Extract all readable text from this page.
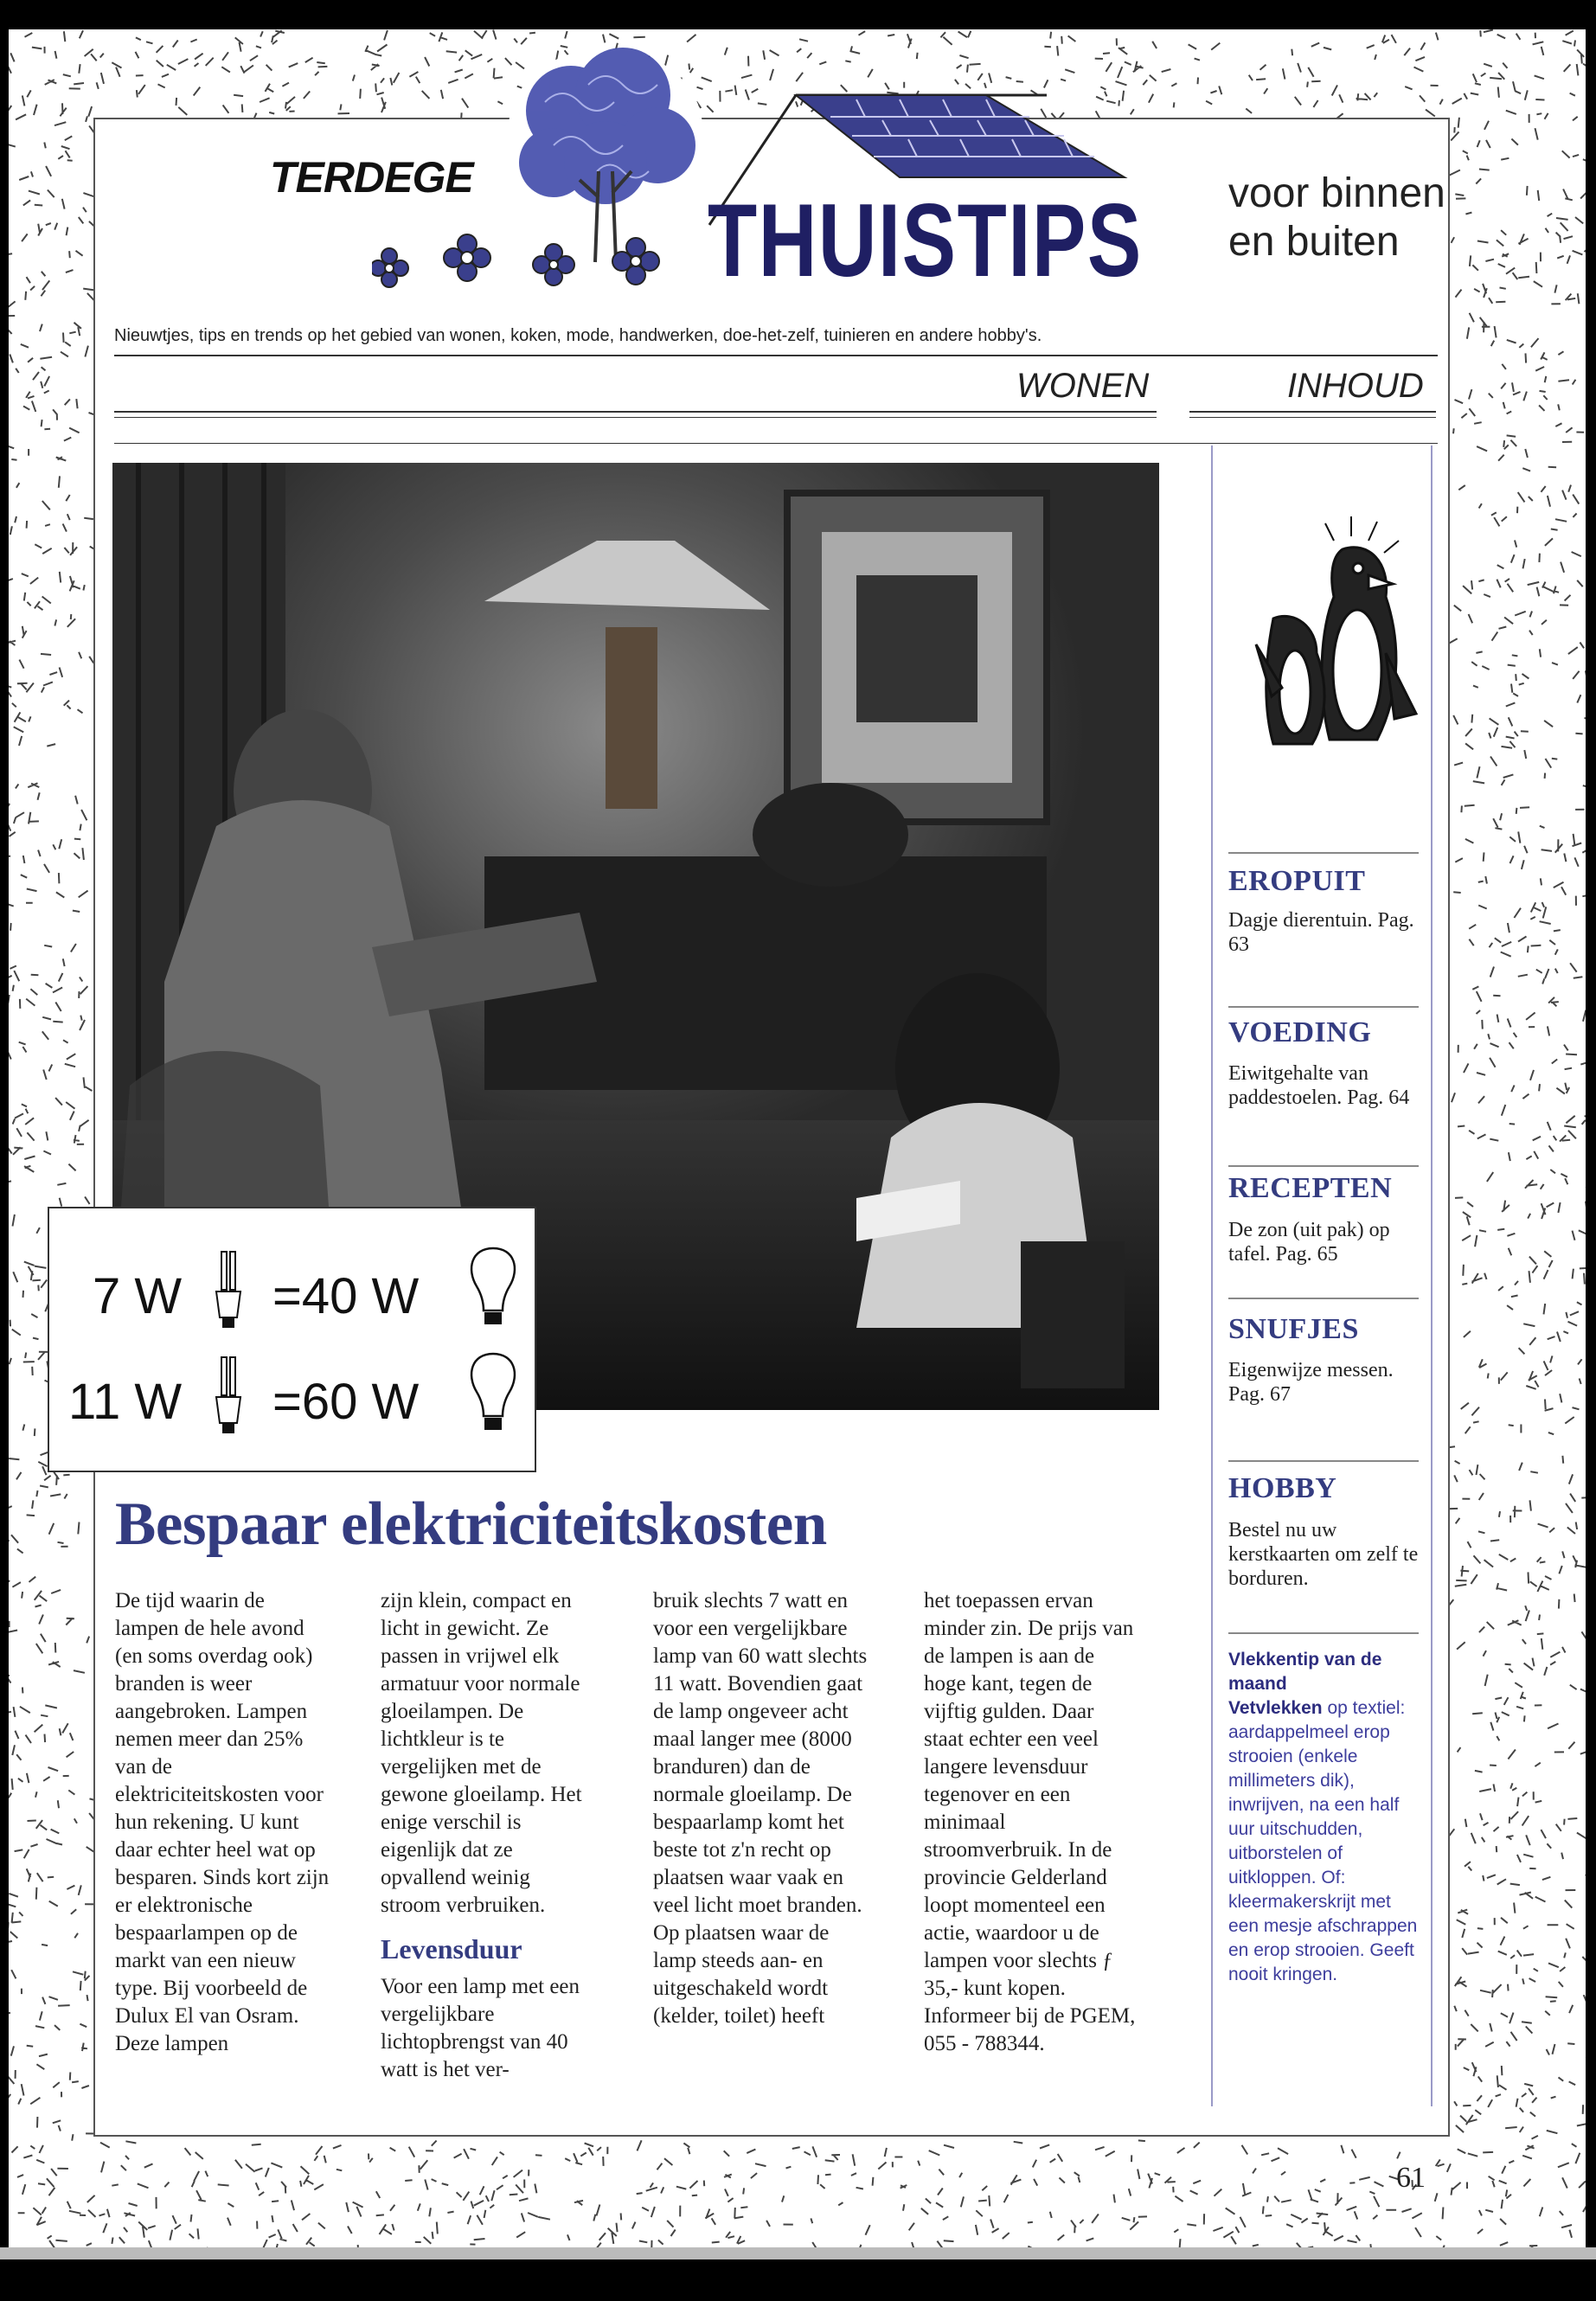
TERDEGE
THUISTIPS voor binnen
en buiten
Nieuwtjes, tips en trends op het gebied van wonen, koken, mode, handwerken, doe-het-zelf, tuinieren en andere hobby's.
WONEN	INHOUD
7 W =40 W
11 W =60 W
Bespaar elektriciteitskosten

De tijd waarin de lampen de hele avond (en soms overdag ook) branden is weer aangebroken. Lampen nemen meer dan 25% van de elektriciteitskosten voor hun rekening. U kunt daar echter heel wat op besparen. Sinds kort zijn er elektronische bespaarlampen op de markt van een nieuw type. Bij voorbeeld de Dulux El van Osram. Deze lampen

zijn klein, compact en licht in gewicht. Ze passen in vrijwel elk armatuur voor normale gloeilampen. De lichtkleur is te vergelijken met de gewone gloeilamp. Het enige verschil is eigenlijk dat ze opvallend weinig stroom verbruiken.

Levensduur

Voor een lamp met een vergelijkbare lichtopbrengst van 40 watt is het ver-

bruik slechts 7 watt en voor een vergelijkbare lamp van 60 watt slechts 11 watt. Bovendien gaat de lamp ongeveer acht maal langer mee (8000 branduren) dan de normale gloeilamp. De bespaarlamp komt het beste tot z'n recht op plaatsen waar vaak en veel licht moet branden. Op plaatsen waar de lamp steeds aan- en uitgeschakeld wordt (kelder, toilet) heeft

het toepassen ervan minder zin. De prijs van de lampen is aan de hoge kant, tegen de vijftig gulden. Daar staat echter een veel langere levensduur tegenover en een minimaal stroomverbruik. In de provincie Gelderland loopt momenteel een actie, waardoor u de lampen voor slechts ƒ 35,- kunt kopen. Informeer bij de PGEM, 055 - 788344.

EROPUIT
Dagje dierentuin. Pag. 63
VOEDING
Eiwitgehalte van paddestoelen. Pag. 64
RECEPTEN
De zon (uit pak) op tafel. Pag. 65
SNUFJES
Eigenwijze messen. Pag. 67
HOBBY
Bestel nu uw kerstkaarten om zelf te borduren.
Vlekkentip van de maand
Vetvlekken op textiel: aardappelmeel erop strooien (enkele millimeters dik), inwrijven, na een half uur uitschudden, uitborstelen of uitkloppen. Of: kleermakerskrijt met een mesje afschrappen en erop strooien. Geeft nooit kringen.
61
